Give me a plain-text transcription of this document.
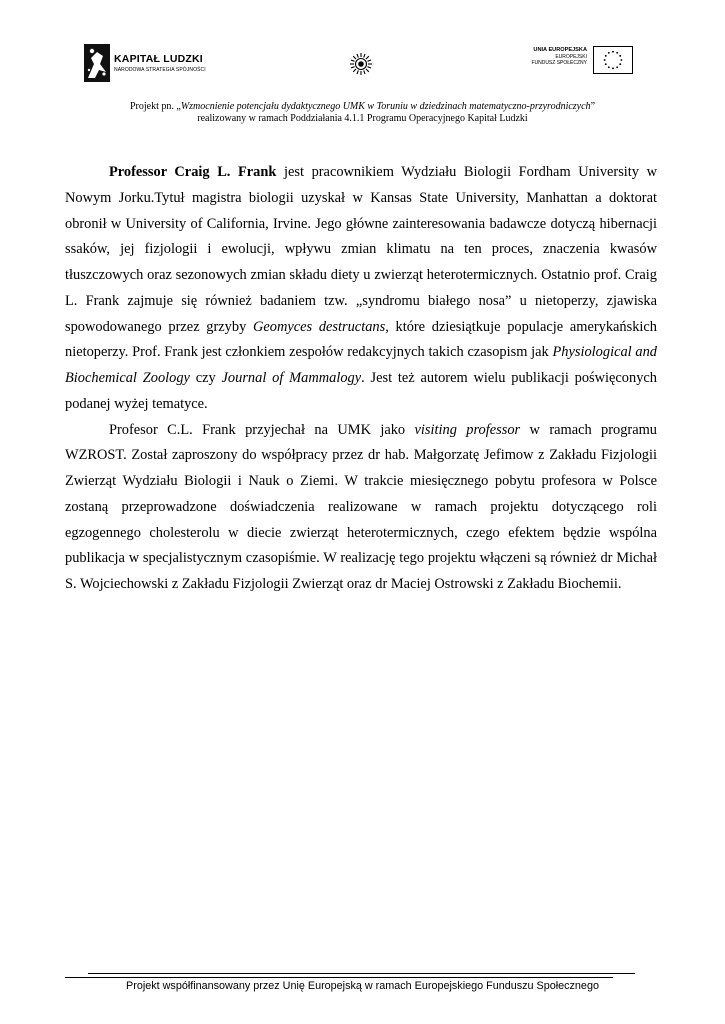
KAPITAŁ LUDZKI
NARODOWA STRATEGIA SPÓJNOŚCI
UNIA EUROPEJSKA
EUROPEJSKI
FUNDUSZ SPOŁECZNY
Projekt pn. „Wzmocnienie potencjału dydaktycznego UMK w Toruniu w dziedzinach matematyczno-przyrodniczych”
realizowany w ramach Poddziałania 4.1.1 Programu Operacyjnego Kapitał Ludzki

Professor Craig L. Frank jest pracownikiem Wydziału Biologii Fordham University w Nowym Jorku.Tytuł magistra biologii uzyskał w Kansas State University, Manhattan a doktorat obronił w University of California, Irvine. Jego główne zainteresowania badawcze dotyczą hibernacji ssaków, jej fizjologii i ewolucji, wpływu zmian klimatu na ten proces, znaczenia kwasów tłuszczowych oraz sezonowych zmian składu diety u zwierząt heterotermicznych. Ostatnio prof. Craig L. Frank zajmuje się również badaniem tzw. „syndromu białego nosa” u nietoperzy, zjawiska spowodowanego przez grzyby Geomyces destructans, które dziesiątkuje populacje amerykańskich nietoperzy. Prof. Frank jest członkiem zespołów redakcyjnych takich czasopism jak Physiological and Biochemical Zoology czy Journal of Mammalogy. Jest też autorem wielu publikacji poświęconych podanej wyżej tematyce.

Profesor C.L. Frank przyjechał na UMK jako visiting professor w ramach programu WZROST. Został zaproszony do współpracy przez dr hab. Małgorzatę Jefimow z Zakładu Fizjologii Zwierząt Wydziału Biologii i Nauk o Ziemi. W trakcie miesięcznego pobytu profesora w Polsce zostaną przeprowadzone doświadczenia realizowane w ramach projektu dotyczącego roli egzogennego cholesterolu w diecie zwierząt heterotermicznych, czego efektem będzie wspólna publikacja w specjalistycznym czasopiśmie. W realizację tego projektu włączeni są również dr Michał S. Wojciechowski z Zakładu Fizjologii Zwierząt oraz dr Maciej Ostrowski z Zakładu Biochemii.

Projekt współfinansowany przez Unię Europejską w ramach Europejskiego Funduszu Społecznego
